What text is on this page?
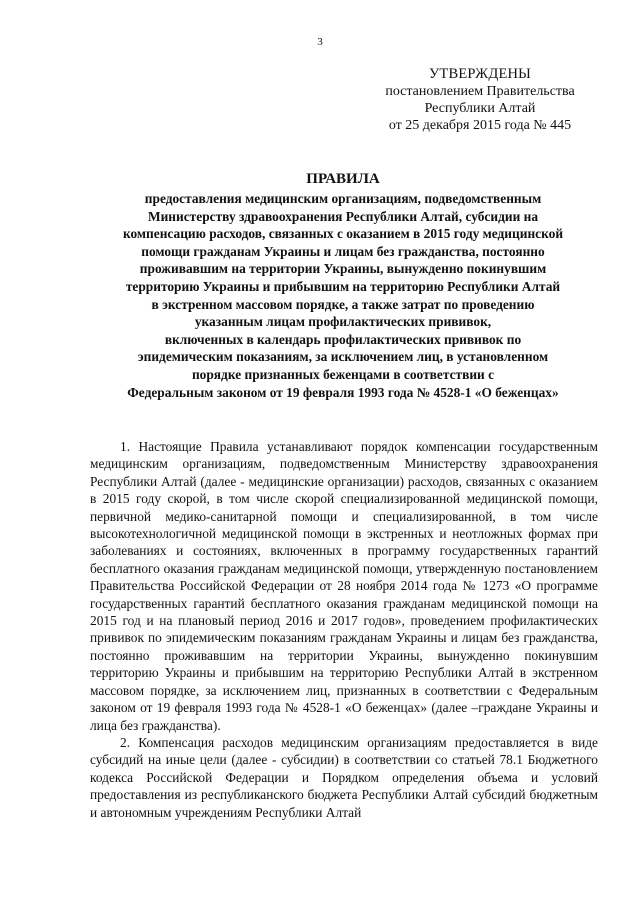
3
УТВЕРЖДЕНЫ
постановлением Правительства
Республики Алтай
от 25 декабря 2015 года № 445
ПРАВИЛА
предоставления медицинским организациям, подведомственным
Министерству здравоохранения Республики Алтай, субсидии на
компенсацию расходов, связанных с оказанием в 2015 году медицинской
помощи гражданам Украины и лицам без гражданства, постоянно
проживавшим на территории Украины, вынужденно покинувшим
территорию Украины и прибывшим на территорию Республики Алтай
в экстренном массовом порядке, а также затрат по проведению
указанным лицам профилактических прививок,
включенных в календарь профилактических прививок по
эпидемическим показаниям, за исключением лиц, в установленном
порядке признанных беженцами в соответствии с
Федеральным законом от 19 февраля 1993 года № 4528-1 «О беженцах»

1. Настоящие Правила устанавливают порядок компенсации государственным медицинским организациям, подведомственным Министерству здравоохранения Республики Алтай (далее - медицинские организации) расходов, связанных с оказанием в 2015 году скорой, в том числе скорой специализированной медицинской помощи, первичной медико-санитарной помощи и специализированной, в том числе высокотехнологичной медицинской помощи в экстренных и неотложных формах при заболеваниях и состояниях, включенных в программу государственных гарантий бесплатного оказания гражданам медицинской помощи, утвержденную постановлением Правительства Российской Федерации от 28 ноября 2014 года № 1273 «О программе государственных гарантий бесплатного оказания гражданам медицинской помощи на 2015 год и на плановый период 2016 и 2017 годов», проведением профилактических прививок по эпидемическим показаниям гражданам Украины и лицам без гражданства, постоянно проживавшим на территории Украины, вынужденно покинувшим территорию Украины и прибывшим на территорию Республики Алтай в экстренном массовом порядке, за исключением лиц, признанных в соответствии с Федеральным законом от 19 февраля 1993 года № 4528-1 «О беженцах» (далее –граждане Украины и лица без гражданства).

2. Компенсация расходов медицинским организациям предоставляется в виде субсидий на иные цели (далее - субсидии) в соответствии со статьей 78.1 Бюджетного кодекса Российской Федерации и Порядком определения объема и условий предоставления из республиканского бюджета Республики Алтай субсидий бюджетным и автономным учреждениям Республики Алтай
